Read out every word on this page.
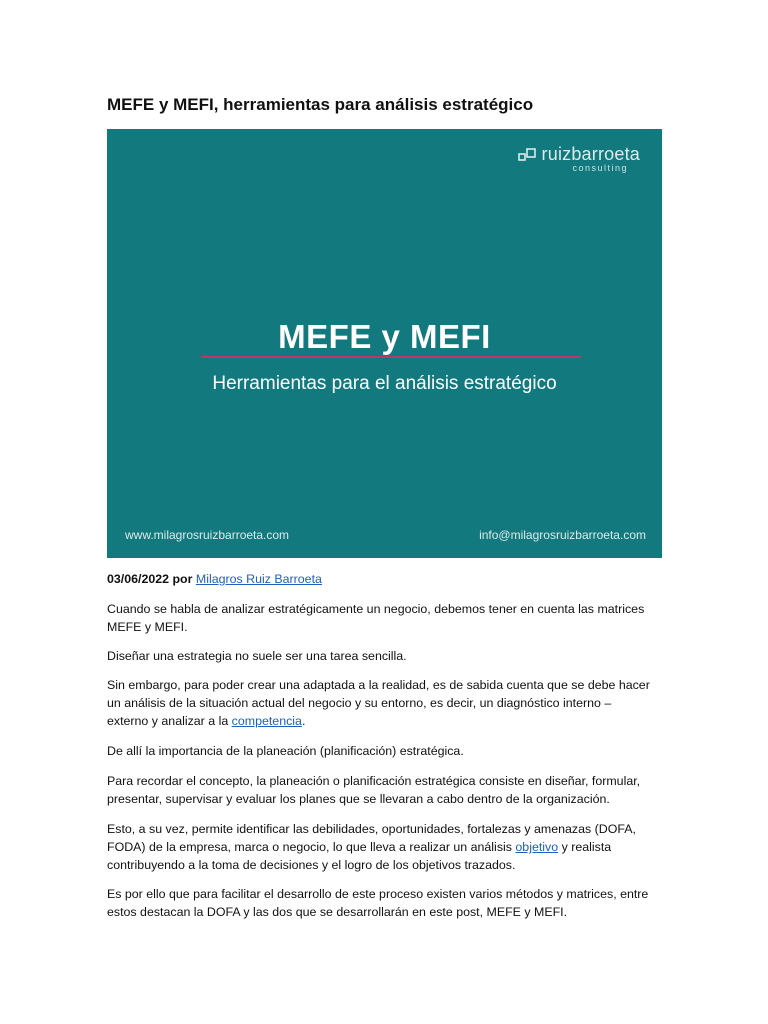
MEFE y MEFI, herramientas para análisis estratégico
ruizbarroeta
consulting
MEFE y MEFI
Herramientas para el análisis estratégico
www.milagrosruizbarroeta.com	info@milagrosruizbarroeta.com

03/06/2022 por Milagros Ruiz Barroeta

Cuando se habla de analizar estratégicamente un negocio, debemos tener en cuenta las matrices
MEFE y MEFI.

Diseñar una estrategia no suele ser una tarea sencilla.

Sin embargo, para poder crear una adaptada a la realidad, es de sabida cuenta que se debe hacer
un análisis de la situación actual del negocio y su entorno, es decir, un diagnóstico interno –
externo y analizar a la competencia.

De allí la importancia de la planeación (planificación) estratégica.

Para recordar el concepto, la planeación o planificación estratégica consiste en diseñar, formular,
presentar, supervisar y evaluar los planes que se llevaran a cabo dentro de la organización.

Esto, a su vez, permite identificar las debilidades, oportunidades, fortalezas y amenazas (DOFA,
FODA) de la empresa, marca o negocio, lo que lleva a realizar un análisis objetivo y realista
contribuyendo a la toma de decisiones y el logro de los objetivos trazados.

Es por ello que para facilitar el desarrollo de este proceso existen varios métodos y matrices, entre
estos destacan la DOFA y las dos que se desarrollarán en este post, MEFE y MEFI.
